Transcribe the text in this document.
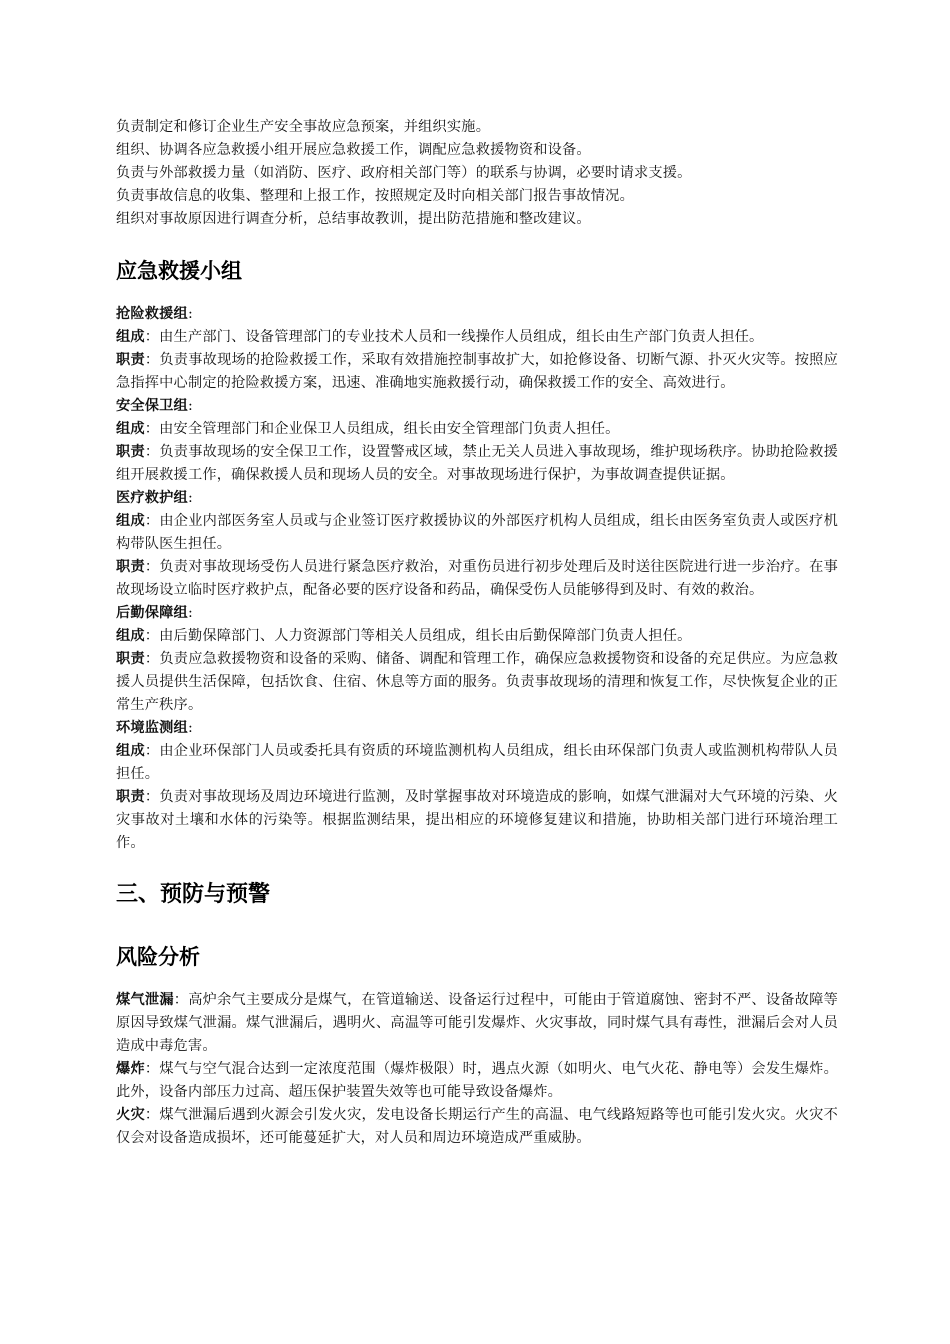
负责制定和修订企业生产安全事故应急预案，并组织实施。

组织、协调各应急救援小组开展应急救援工作，调配应急救援物资和设备。

负责与外部救援力量（如消防、医疗、政府相关部门等）的联系与协调，必要时请求支援。

负责事故信息的收集、整理和上报工作，按照规定及时向相关部门报告事故情况。

组织对事故原因进行调查分析，总结事故教训，提出防范措施和整改建议。

应急救援小组

抢险救援组:

组成：由生产部门、设备管理部门的专业技术人员和一线操作人员组成，组长由生产部门负责人担任。

职责：负责事故现场的抢险救援工作，采取有效措施控制事故扩大，如抢修设备、切断气源、扑灭火灾等。按照应急指挥中心制定的抢险救援方案，迅速、准确地实施救援行动，确保救援工作的安全、高效进行。

安全保卫组:

组成：由安全管理部门和企业保卫人员组成，组长由安全管理部门负责人担任。

职责：负责事故现场的安全保卫工作，设置警戒区域，禁止无关人员进入事故现场，维护现场秩序。协助抢险救援组开展救援工作，确保救援人员和现场人员的安全。对事故现场进行保护，为事故调查提供证据。

医疗救护组:

组成：由企业内部医务室人员或与企业签订医疗救援协议的外部医疗机构人员组成，组长由医务室负责人或医疗机构带队医生担任。

职责：负责对事故现场受伤人员进行紧急医疗救治，对重伤员进行初步处理后及时送往医院进行进一步治疗。在事故现场设立临时医疗救护点，配备必要的医疗设备和药品，确保受伤人员能够得到及时、有效的救治。

后勤保障组:

组成：由后勤保障部门、人力资源部门等相关人员组成，组长由后勤保障部门负责人担任。

职责：负责应急救援物资和设备的采购、储备、调配和管理工作，确保应急救援物资和设备的充足供应。为应急救援人员提供生活保障，包括饮食、住宿、休息等方面的服务。负责事故现场的清理和恢复工作，尽快恢复企业的正常生产秩序。

环境监测组:

组成：由企业环保部门人员或委托具有资质的环境监测机构人员组成，组长由环保部门负责人或监测机构带队人员担任。

职责：负责对事故现场及周边环境进行监测，及时掌握事故对环境造成的影响，如煤气泄漏对大气环境的污染、火灾事故对土壤和水体的污染等。根据监测结果，提出相应的环境修复建议和措施，协助相关部门进行环境治理工作。

三、预防与预警
风险分析

煤气泄漏：高炉余气主要成分是煤气，在管道输送、设备运行过程中，可能由于管道腐蚀、密封不严、设备故障等原因导致煤气泄漏。煤气泄漏后，遇明火、高温等可能引发爆炸、火灾事故，同时煤气具有毒性，泄漏后会对人员造成中毒危害。

爆炸：煤气与空气混合达到一定浓度范围（爆炸极限）时，遇点火源（如明火、电气火花、静电等）会发生爆炸。此外，设备内部压力过高、超压保护装置失效等也可能导致设备爆炸。

火灾：煤气泄漏后遇到火源会引发火灾，发电设备长期运行产生的高温、电气线路短路等也可能引发火灾。火灾不仅会对设备造成损坏，还可能蔓延扩大，对人员和周边环境造成严重威胁。
